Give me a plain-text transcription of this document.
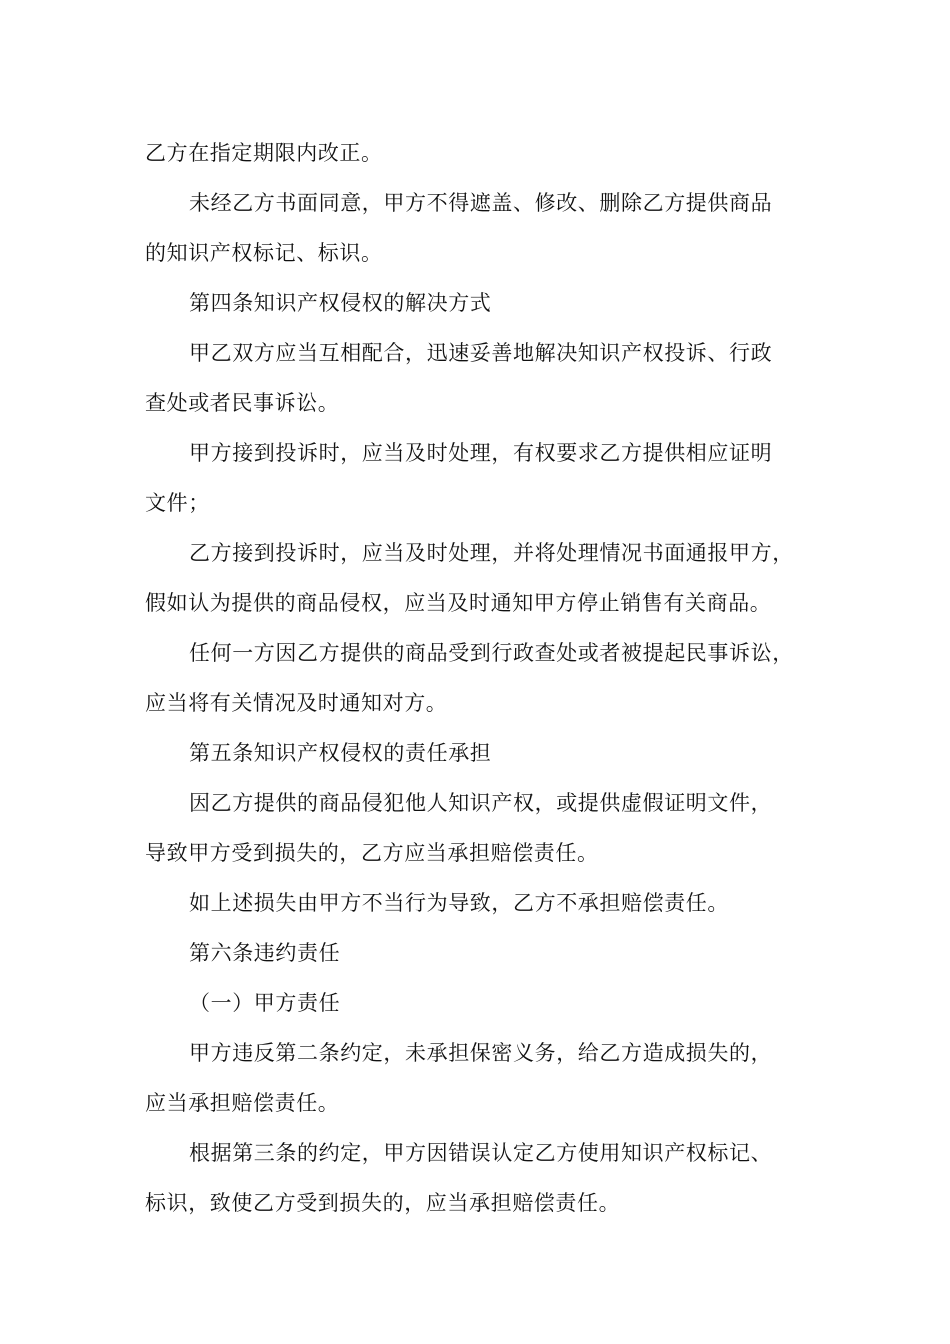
乙方在指定期限内改正。

未经乙方书面同意，甲方不得遮盖、修改、删除乙方提供商品
的知识产权标记、标识。

第四条知识产权侵权的解决方式

甲乙双方应当互相配合，迅速妥善地解决知识产权投诉、行政
查处或者民事诉讼。

甲方接到投诉时，应当及时处理，有权要求乙方提供相应证明
文件；

乙方接到投诉时，应当及时处理，并将处理情况书面通报甲方，
假如认为提供的商品侵权，应当及时通知甲方停止销售有关商品。

任何一方因乙方提供的商品受到行政查处或者被提起民事诉讼，
应当将有关情况及时通知对方。

第五条知识产权侵权的责任承担

因乙方提供的商品侵犯他人知识产权，或提供虚假证明文件，
导致甲方受到损失的，乙方应当承担赔偿责任。

如上述损失由甲方不当行为导致，乙方不承担赔偿责任。

第六条违约责任

（一）甲方责任

甲方违反第二条约定，未承担保密义务，给乙方造成损失的，
应当承担赔偿责任。

根据第三条的约定，甲方因错误认定乙方使用知识产权标记、
标识，致使乙方受到损失的，应当承担赔偿责任。
